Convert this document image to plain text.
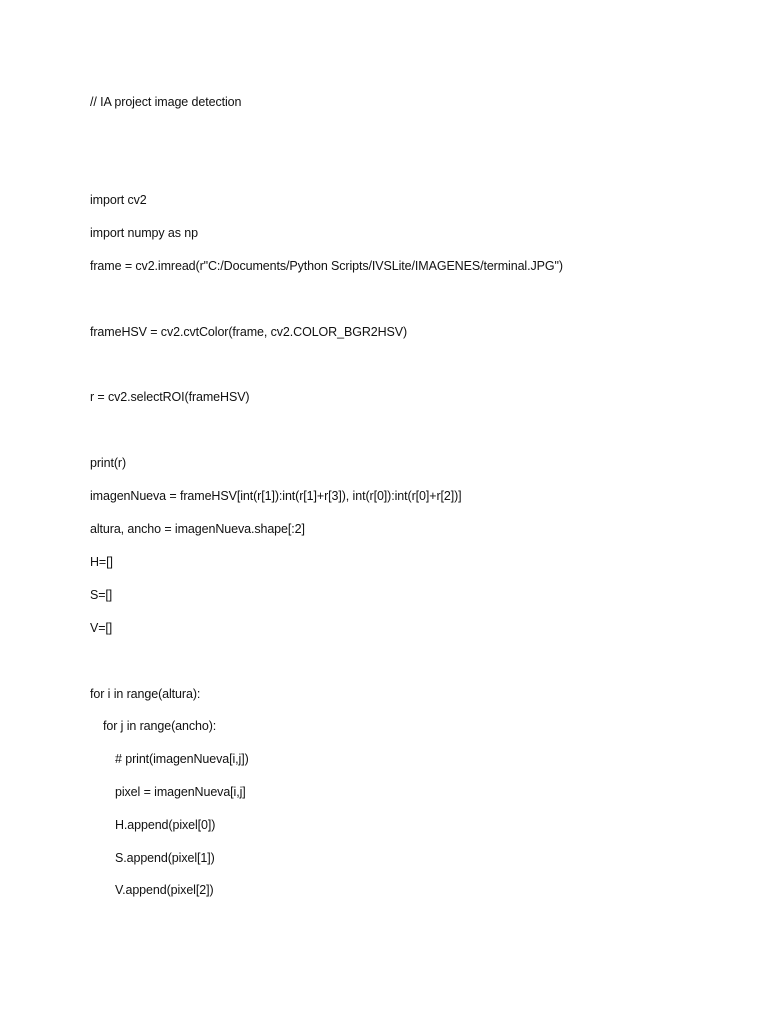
// IA project image detection
import cv2
import numpy as np
frame = cv2.imread(r"C:/Documents/Python Scripts/IVSLite/IMAGENES/terminal.JPG")
frameHSV = cv2.cvtColor(frame, cv2.COLOR_BGR2HSV)
r = cv2.selectROI(frameHSV)
print(r)
imagenNueva = frameHSV[int(r[1]):int(r[1]+r[3]), int(r[0]):int(r[0]+r[2])]
altura, ancho = imagenNueva.shape[:2]
H=[]
S=[]
V=[]
for i in range(altura):
for j in range(ancho):
# print(imagenNueva[i,j])
pixel = imagenNueva[i,j]
H.append(pixel[0])
S.append(pixel[1])
V.append(pixel[2])
